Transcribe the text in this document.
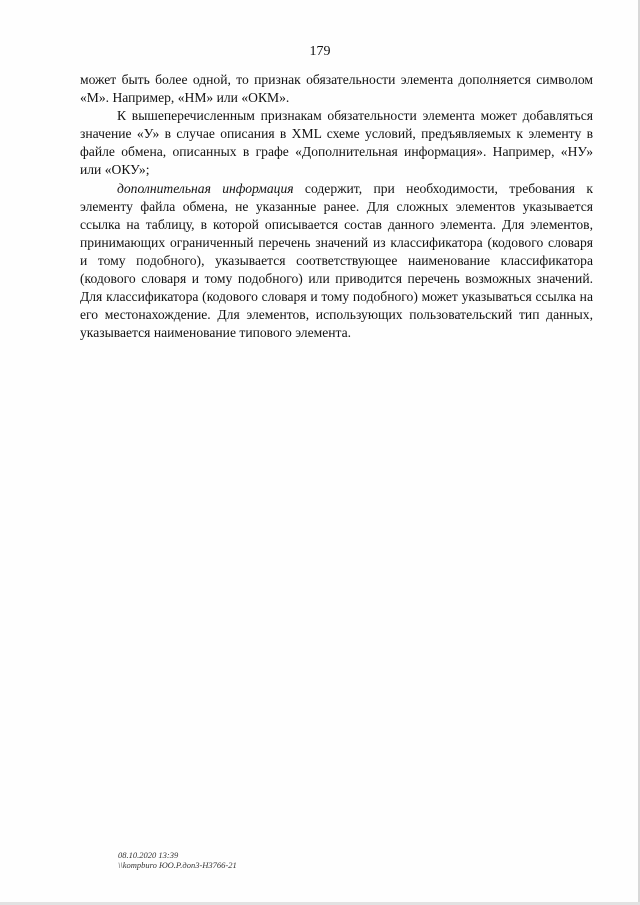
179

может быть более одной, то признак обязательности элемента дополняется символом «М». Например, «НМ» или «ОКМ».

К вышеперечисленным признакам обязательности элемента может добавляться значение «У» в случае описания в XML схеме условий, предъявляемых к элементу в файле обмена, описанных в графе «Дополнительная информация». Например, «НУ» или «ОКУ»;

дополнительная информация содержит, при необходимости, требования к элементу файла обмена, не указанные ранее. Для сложных элементов указывается ссылка на таблицу, в которой описывается состав данного элемента. Для элементов, принимающих ограниченный перечень значений из классификатора (кодового словаря и тому подобного), указывается соответствующее наименование классификатора (кодового словаря и тому подобного) или приводится перечень возможных значений. Для классификатора (кодового словаря и тому подобного) может указываться ссылка на его местонахождение. Для элементов, использующих пользовательский тип данных, указывается наименование типового элемента.

08.10.2020 13:39
\\kompburo ЮО.Р.доп3-Н3766-21
